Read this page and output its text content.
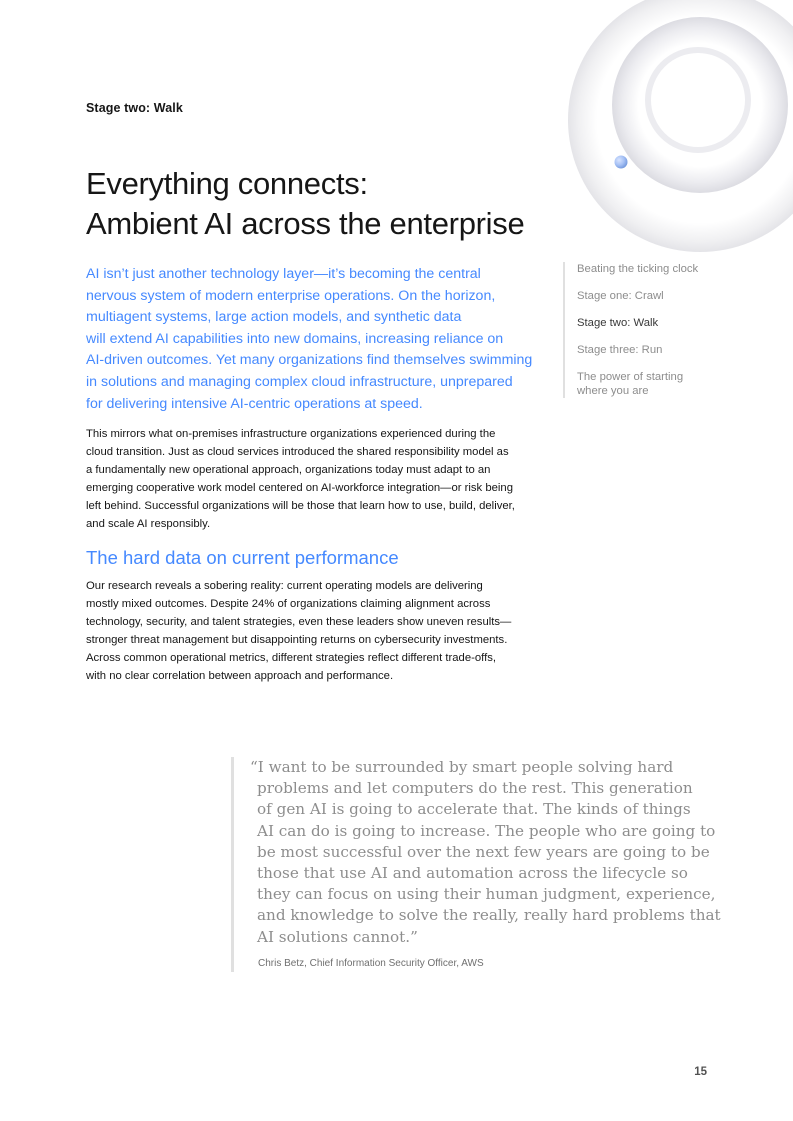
Stage two: Walk
Everything connects:
Ambient AI across the enterprise

AI isn’t just another technology layer—it’s becoming the central
nervous system of modern enterprise operations. On the horizon,
multiagent systems, large action models, and synthetic data
will extend AI capabilities into new domains, increasing reliance on
AI-driven outcomes. Yet many organizations find themselves swimming
in solutions and managing complex cloud infrastructure, unprepared
for delivering intensive AI-centric operations at speed.

This mirrors what on-premises infrastructure organizations experienced during the
cloud transition. Just as cloud services introduced the shared responsibility model as
a fundamentally new operational approach, organizations today must adapt to an
emerging cooperative work model centered on AI-workforce integration—or risk being
left behind. Successful organizations will be those that learn how to use, build, deliver,
and scale AI responsibly.

The hard data on current performance

Our research reveals a sobering reality: current operating models are delivering
mostly mixed outcomes. Despite 24% of organizations claiming alignment across
technology, security, and talent strategies, even these leaders show uneven results—
stronger threat management but disappointing returns on cybersecurity investments.
Across common operational metrics, different strategies reflect different trade-offs,
with no clear correlation between approach and performance.

Beating the ticking clock
Stage one: Crawl
Stage two: Walk
Stage three: Run
The power of starting
where you are
“I want to be surrounded by smart people solving hard
problems and let computers do the rest. This generation
of gen AI is going to accelerate that. The kinds of things
AI can do is going to increase. The people who are going to
be most successful over the next few years are going to be
those that use AI and automation across the lifecycle so
they can focus on using their human judgment, experience,
and knowledge to solve the really, really hard problems that
AI solutions cannot.”
Chris Betz, Chief Information Security Officer, AWS
15
